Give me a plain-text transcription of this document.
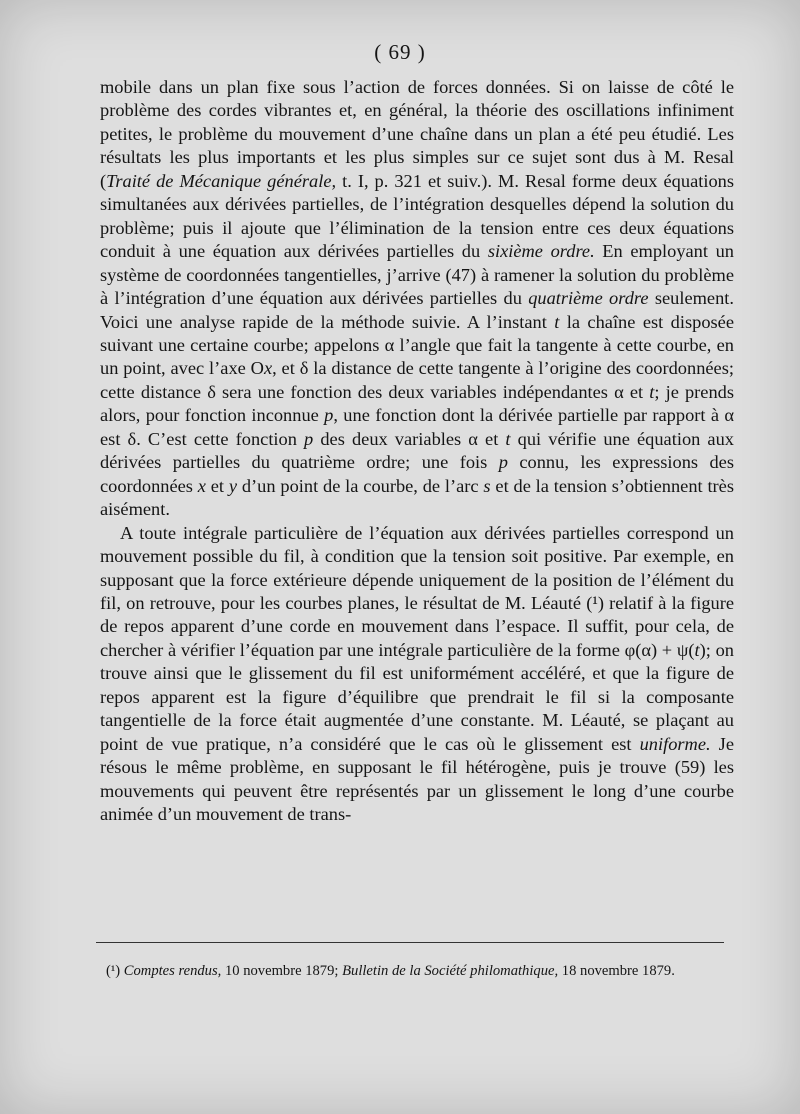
( 69 )

mobile dans un plan fixe sous l’action de forces données. Si on laisse de côté le problème des cordes vibrantes et, en général, la théorie des oscillations infiniment petites, le problème du mouvement d’une chaîne dans un plan a été peu étudié. Les résultats les plus importants et les plus simples sur ce sujet sont dus à M. Resal (Traité de Mécanique générale, t. I, p. 321 et suiv.). M. Resal forme deux équations simultanées aux dérivées partielles, de l’intégration desquelles dépend la solution du problème; puis il ajoute que l’élimination de la tension entre ces deux équations conduit à une équation aux dérivées partielles du sixième ordre. En employant un système de coordonnées tangentielles, j’arrive (47) à ramener la solution du problème à l’intégration d’une équation aux dérivées partielles du quatrième ordre seulement. Voici une analyse rapide de la méthode suivie. A l’instant t la chaîne est disposée suivant une certaine courbe; appelons α l’angle que fait la tangente à cette courbe, en un point, avec l’axe Ox, et δ la distance de cette tangente à l’origine des coordonnées; cette distance δ sera une fonction des deux variables indépendantes α et t; je prends alors, pour fonction inconnue p, une fonction dont la dérivée partielle par rapport à α est δ. C’est cette fonction p des deux variables α et t qui vérifie une équation aux dérivées partielles du quatrième ordre; une fois p connu, les expressions des coordonnées x et y d’un point de la courbe, de l’arc s et de la tension s’obtiennent très aisément.

A toute intégrale particulière de l’équation aux dérivées partielles correspond un mouvement possible du fil, à condition que la tension soit positive. Par exemple, en supposant que la force extérieure dépende uniquement de la position de l’élément du fil, on retrouve, pour les courbes planes, le résultat de M. Léauté (¹) relatif à la figure de repos apparent d’une corde en mouvement dans l’espace. Il suffit, pour cela, de chercher à vérifier l’équation par une intégrale particulière de la forme φ(α) + ψ(t); on trouve ainsi que le glissement du fil est uniformément accéléré, et que la figure de repos apparent est la figure d’équilibre que prendrait le fil si la composante tangentielle de la force était augmentée d’une constante. M. Léauté, se plaçant au point de vue pratique, n’a considéré que le cas où le glissement est uniforme. Je résous le même problème, en supposant le fil hétérogène, puis je trouve (59) les mouvements qui peuvent être représentés par un glissement le long d’une courbe animée d’un mouvement de trans-

(¹) Comptes rendus, 10 novembre 1879; Bulletin de la Société philomathique, 18 novembre 1879.
